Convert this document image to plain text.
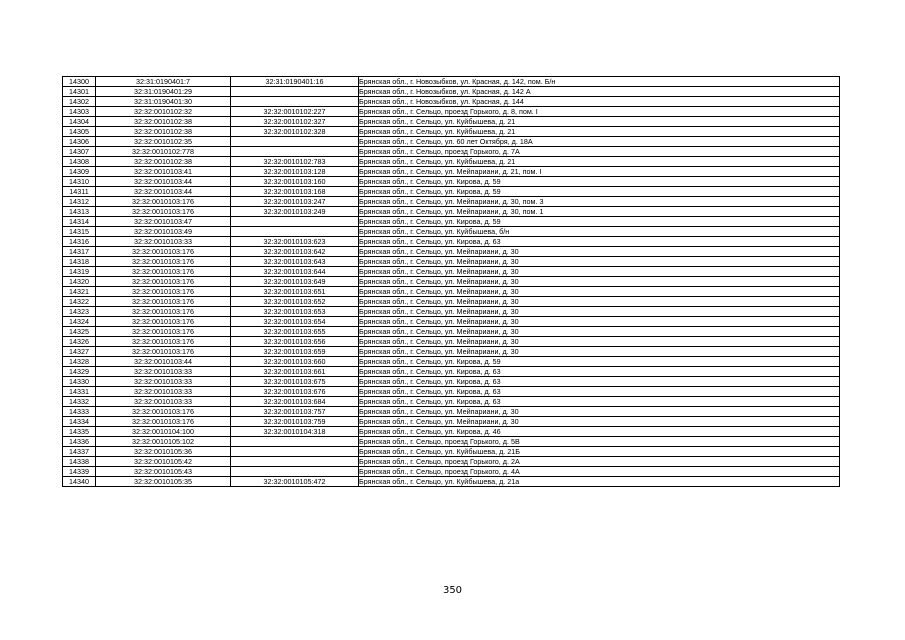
14300	32:31:0190401:7	32:31:0190401:16	Брянская обл., г. Новозыбков, ул. Красная, д. 142, пом. Б/н
14301	32:31:0190401:29		Брянская обл., г. Новозыбков, ул. Красная, д. 142 А
14302	32:31:0190401:30		Брянская обл., г. Новозыбков, ул. Красная, д. 144
14303	32:32:0010102:32	32:32:0010102:227	Брянская обл., г. Сельцо, проезд Горького, д. 8, пом. I
14304	32:32:0010102:38	32:32:0010102:327	Брянская обл., г. Сельцо, ул. Куйбышева, д. 21
14305	32:32:0010102:38	32:32:0010102:328	Брянская обл., г. Сельцо, ул. Куйбышева, д. 21
14306	32:32:0010102:35		Брянская обл., г. Сельцо, ул. 60 лет Октября, д. 18А
14307	32:32:0010102:778		Брянская обл., г. Сельцо, проезд Горького, д. 7А
14308	32:32:0010102:38	32:32:0010102:783	Брянская обл., г. Сельцо, ул. Куйбышева, д. 21
14309	32:32:0010103:41	32:32:0010103:128	Брянская обл., г. Сельцо, ул. Мейпариани, д. 21, пом. I
14310	32:32:0010103:44	32:32:0010103:160	Брянская обл., г. Сельцо, ул. Кирова, д. 59
14311	32:32:0010103:44	32:32:0010103:168	Брянская обл., г. Сельцо, ул. Кирова, д. 59
14312	32:32:0010103:176	32:32:0010103:247	Брянская обл., г. Сельцо, ул. Мейпариани, д. 30, пом. 3
14313	32:32:0010103:176	32:32:0010103:249	Брянская обл., г. Сельцо, ул. Мейпариани, д. 30, пом. 1
14314	32:32:0010103:47		Брянская обл., г. Сельцо, ул. Кирова, д. 59
14315	32:32:0010103:49		Брянская обл., г. Сельцо, ул. Куйбышева, б/н
14316	32:32:0010103:33	32:32:0010103:623	Брянская обл., г. Сельцо, ул. Кирова, д. 63
14317	32:32:0010103:176	32:32:0010103:642	Брянская обл., г. Сельцо, ул. Мейпариани, д. 30
14318	32:32:0010103:176	32:32:0010103:643	Брянская обл., г. Сельцо, ул. Мейпариани, д. 30
14319	32:32:0010103:176	32:32:0010103:644	Брянская обл., г. Сельцо, ул. Мейпариани, д. 30
14320	32:32:0010103:176	32:32:0010103:649	Брянская обл., г. Сельцо, ул. Мейпариани, д. 30
14321	32:32:0010103:176	32:32:0010103:651	Брянская обл., г. Сельцо, ул. Мейпариани, д. 30
14322	32:32:0010103:176	32:32:0010103:652	Брянская обл., г. Сельцо, ул. Мейпариани, д. 30
14323	32:32:0010103:176	32:32:0010103:653	Брянская обл., г. Сельцо, ул. Мейпариани, д. 30
14324	32:32:0010103:176	32:32:0010103:654	Брянская обл., г. Сельцо, ул. Мейпариани, д. 30
14325	32:32:0010103:176	32:32:0010103:655	Брянская обл., г. Сельцо, ул. Мейпариани, д. 30
14326	32:32:0010103:176	32:32:0010103:656	Брянская обл., г. Сельцо, ул. Мейпариани, д. 30
14327	32:32:0010103:176	32:32:0010103:659	Брянская обл., г. Сельцо, ул. Мейпариани, д. 30
14328	32:32:0010103:44	32:32:0010103:660	Брянская обл., г. Сельцо, ул. Кирова, д. 59
14329	32:32:0010103:33	32:32:0010103:661	Брянская обл., г. Сельцо, ул. Кирова, д. 63
14330	32:32:0010103:33	32:32:0010103:675	Брянская обл., г. Сельцо, ул. Кирова, д. 63
14331	32:32:0010103:33	32:32:0010103:676	Брянская обл., г. Сельцо, ул. Кирова, д. 63
14332	32:32:0010103:33	32:32:0010103:684	Брянская обл., г. Сельцо, ул. Кирова, д. 63
14333	32:32:0010103:176	32:32:0010103:757	Брянская обл., г. Сельцо, ул. Мейпариани, д. 30
14334	32:32:0010103:176	32:32:0010103:759	Брянская обл., г. Сельцо, ул. Мейпариани, д. 30
14335	32:32:0010104:100	32:32:0010104:318	Брянская обл., г. Сельцо, ул. Кирова, д. 46
14336	32:32:0010105:102		Брянская обл., г. Сельцо, проезд Горького, д. 5В
14337	32:32:0010105:36		Брянская обл., г. Сельцо, ул. Куйбышева, д. 21Б
14338	32:32:0010105:42		Брянская обл., г. Сельцо, проезд Горького, д. 2А
14339	32:32:0010105:43		Брянская обл., г. Сельцо, проезд Горького, д. 4А
14340	32:32:0010105:35	32:32:0010105:472	Брянская обл., г. Сельцо, ул. Куйбышева, д. 21а
350
